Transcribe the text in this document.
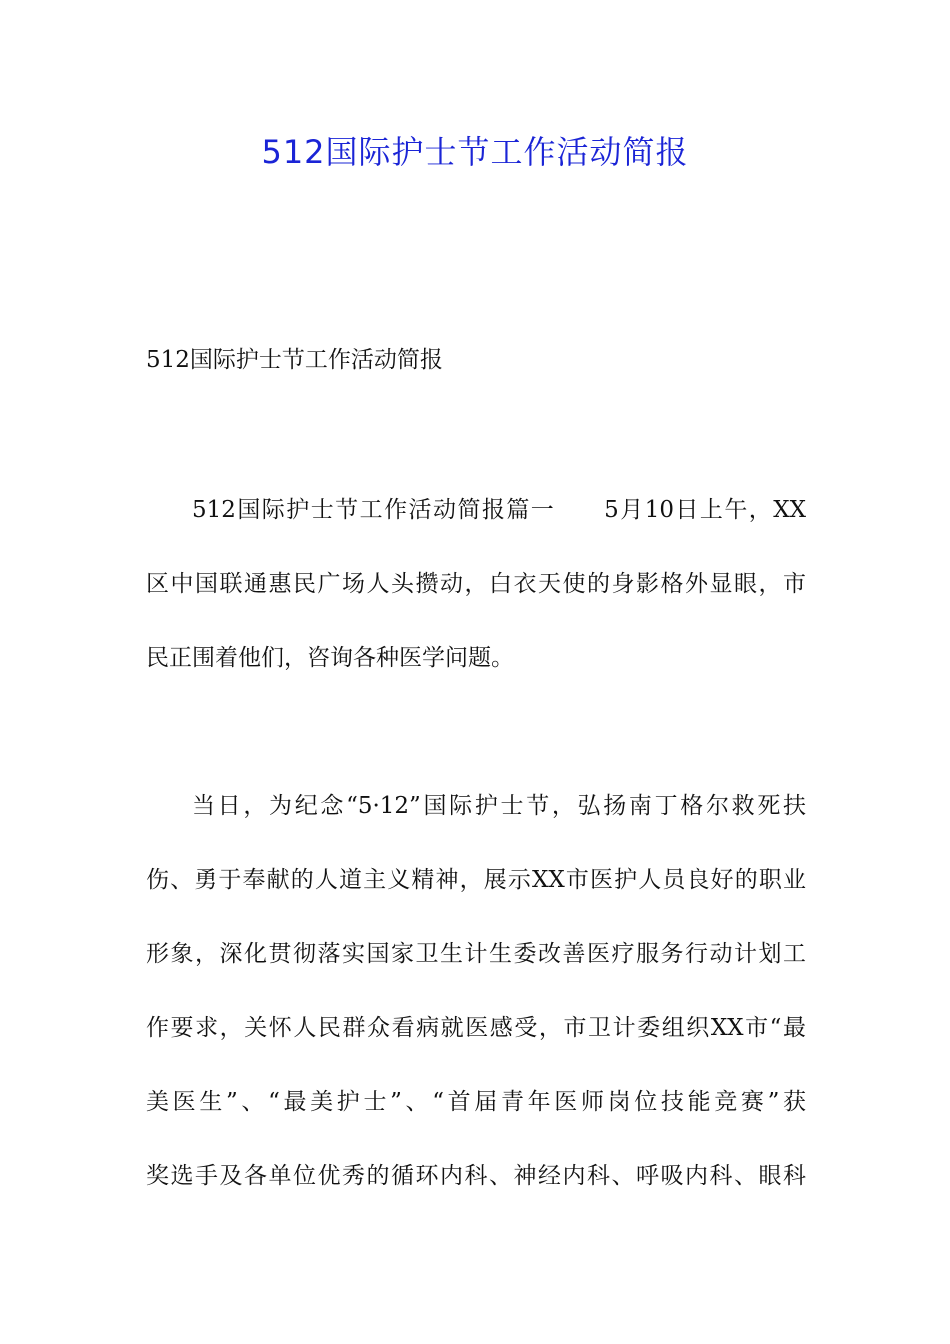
512国际护士节工作活动简报

512国际护士节工作活动简报

512国际护士节工作活动简报篇一　　5月10日上午，XX

区中国联通惠民广场人头攒动，白衣天使的身影格外显眼，市

民正围着他们，咨询各种医学问题。

当日，为纪念“5·12”国际护士节，弘扬南丁格尔救死扶

伤、勇于奉献的人道主义精神，展示XX市医护人员良好的职业

形象，深化贯彻落实国家卫生计生委改善医疗服务行动计划工

作要求，关怀人民群众看病就医感受，市卫计委组织XX市“最

美医生”、“最美护士”、“首届青年医师岗位技能竞赛”获

奖选手及各单位优秀的循环内科、神经内科、呼吸内科、眼科
